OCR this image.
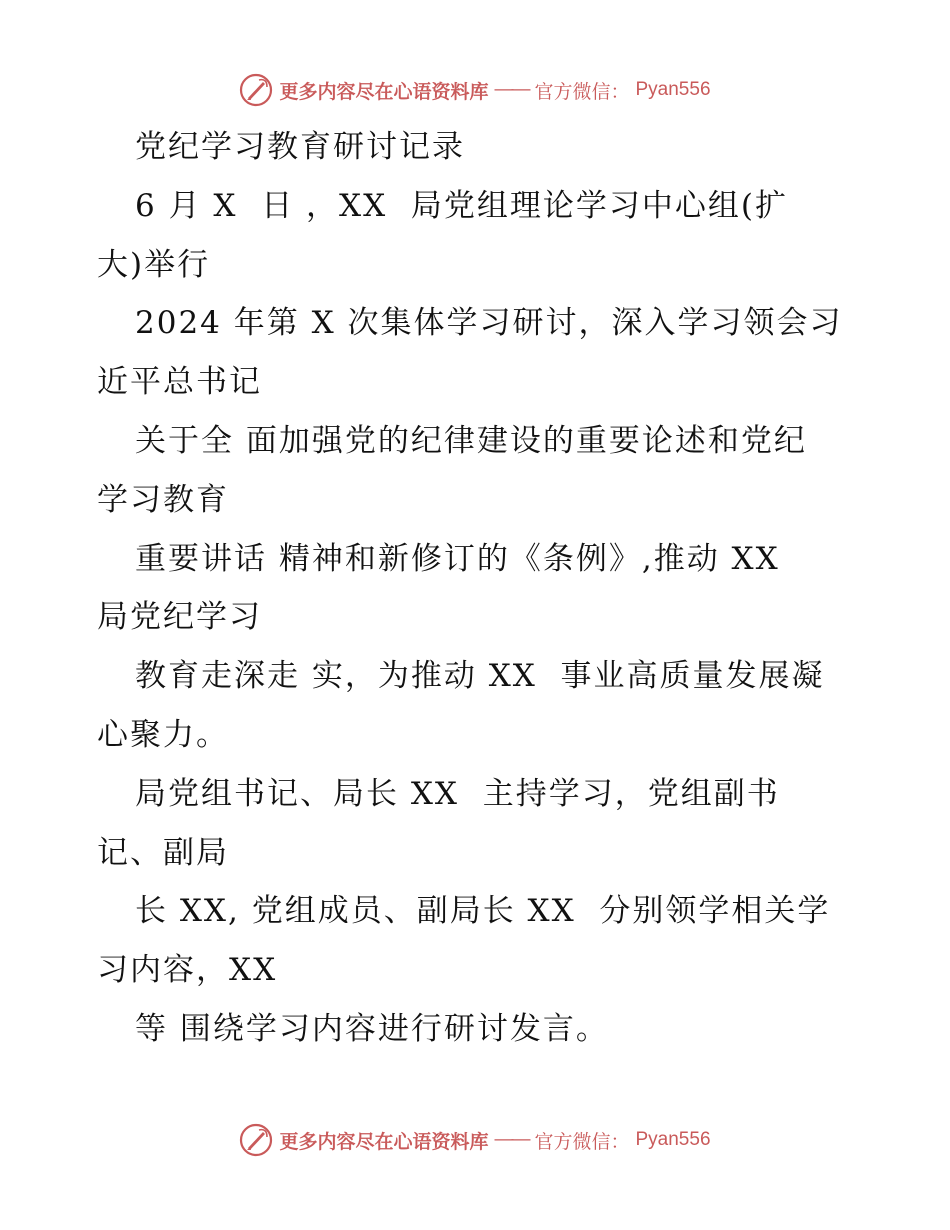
更多内容尽在心语资料库 —— 官方微信： Pyan556
党纪学习教育研讨记录
6 月 X  日 ，XX  局党组理论学习中心组(扩
大)举行
2024 年第 X 次集体学习研讨，深入学习领会习
近平总书记
关于全 面加强党的纪律建设的重要论述和党纪
学习教育
重要讲话 精神和新修订的《条例》,推动 XX
局党纪学习
教育走深走 实，为推动 XX  事业高质量发展凝
心聚力。
局党组书记、局长 XX  主持学习，党组副书
记、副局
长 XX, 党组成员、副局长 XX  分别领学相关学
习内容，XX
等 围绕学习内容进行研讨发言。
更多内容尽在心语资料库 —— 官方微信： Pyan556
